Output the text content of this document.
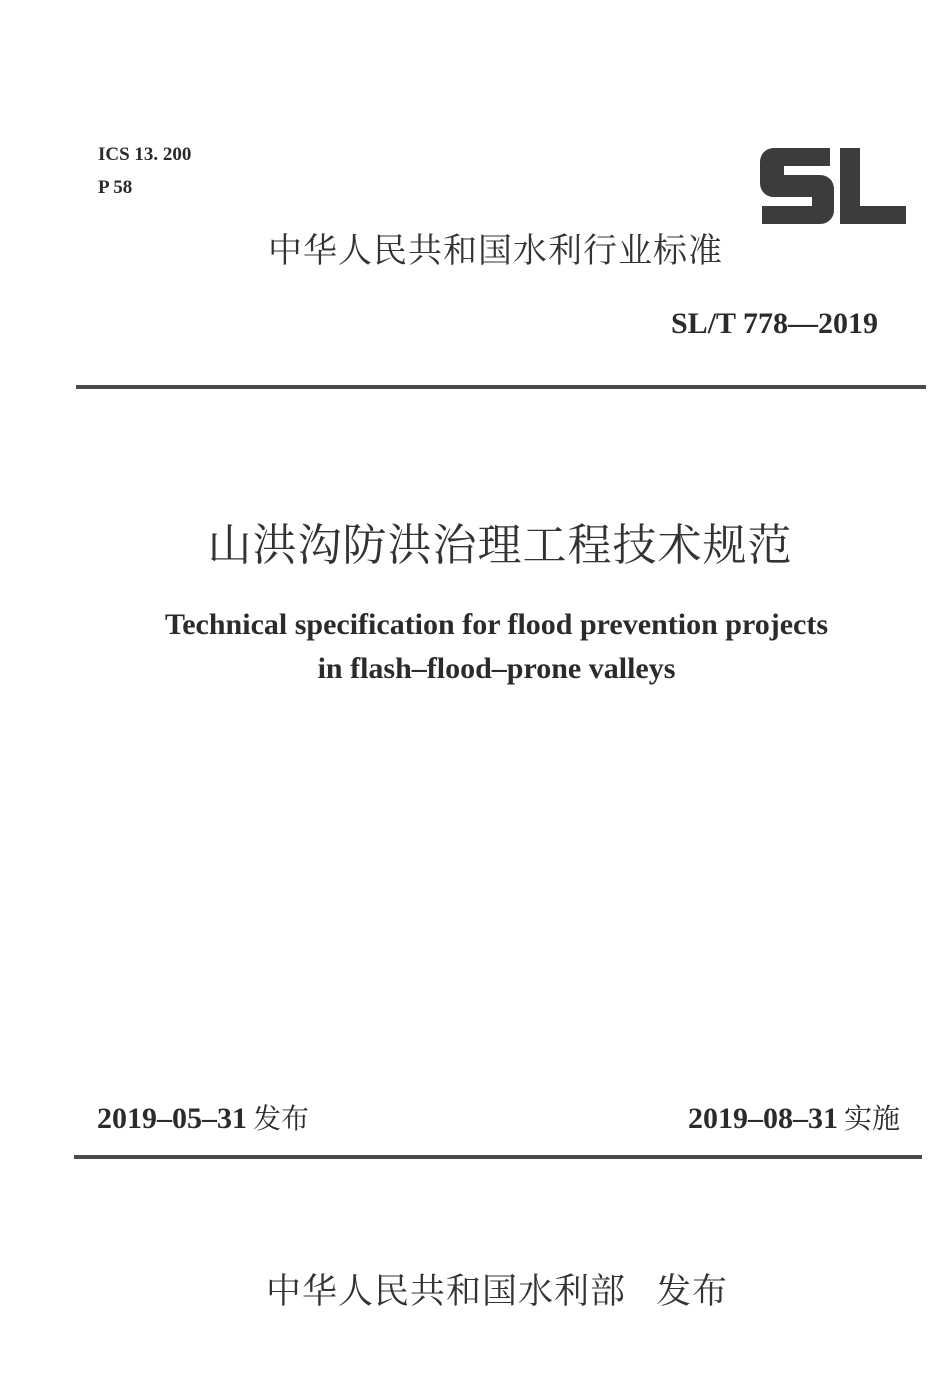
ICS 13. 200
P 58
中华人民共和国水利行业标准
SL/T 778—2019
山洪沟防洪治理工程技术规范
Technical specification for flood prevention projects
in flash–flood–prone valleys
2019–05–31 发布	2019–08–31 实施
中华人民共和国水利部 发布
